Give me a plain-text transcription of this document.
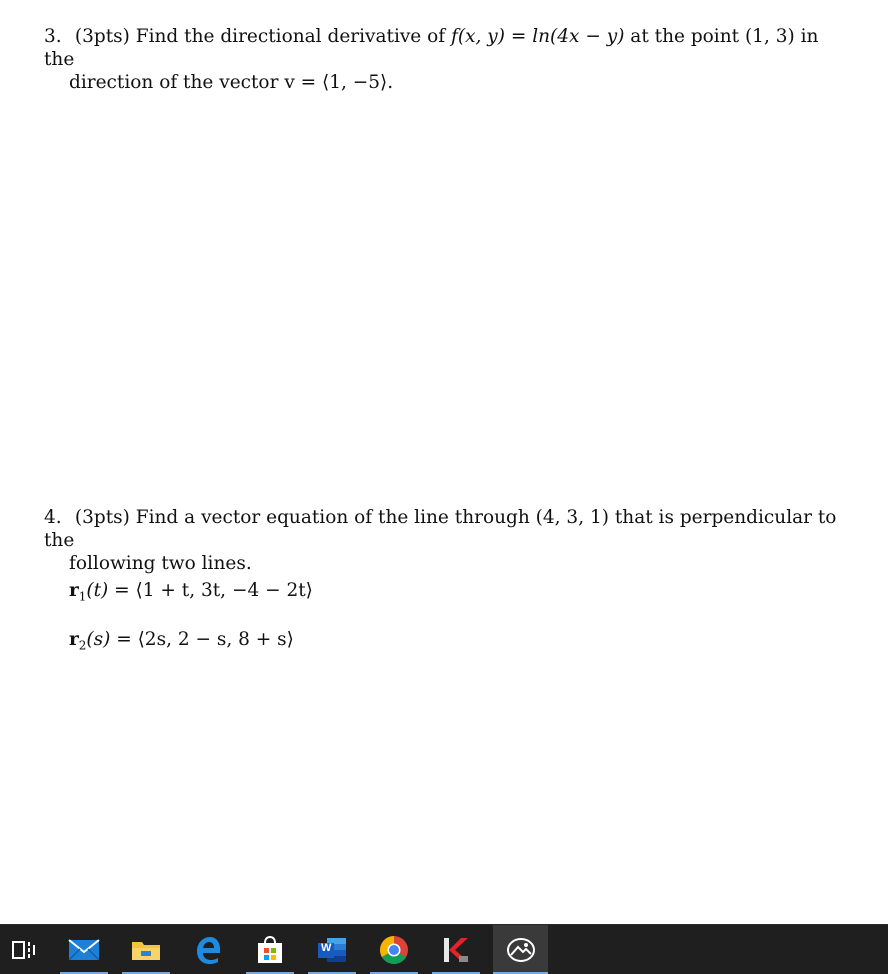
3. (3pts) Find the directional derivative of f(x, y) = ln(4x − y) at the point (1, 3) in the
direction of the vector v = ⟨1, −5⟩.
4. (3pts) Find a vector equation of the line through (4, 3, 1) that is perpendicular to the
following two lines.
$r_1(t)$ = ⟨1 + t, 3t, −4 − 2t⟩
$r_2(s)$ = ⟨2s, 2 − s, 8 + s⟩
W
